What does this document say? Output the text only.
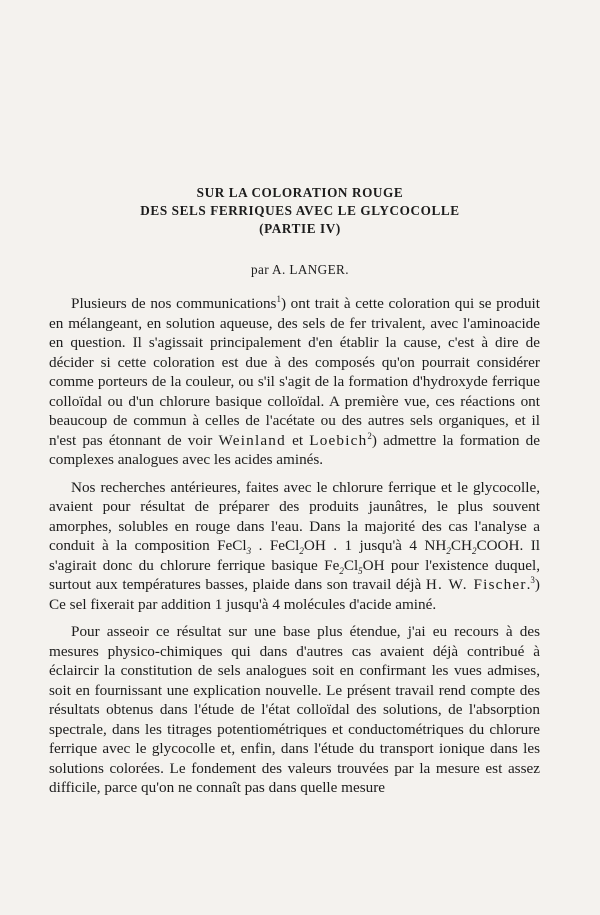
SUR LA COLORATION ROUGE

DES SELS FERRIQUES AVEC LE GLYCOCOLLE

(PARTIE IV)

par A. LANGER.

Plusieurs de nos communications$^1$) ont trait à cette coloration qui se produit en mélangeant, en solution aqueuse, des sels de fer trivalent, avec l'aminoacide en question. Il s'agissait principalement d'en établir la cause, c'est à dire de décider si cette coloration est due à des composés qu'on pourrait considérer comme porteurs de la couleur, ou s'il s'agit de la formation d'hydroxyde ferrique colloïdal ou d'un chlorure basique colloïdal. A première vue, ces réactions ont beaucoup de commun à celles de l'acétate ou des autres sels organiques, et il n'est pas étonnant de voir Weinland et Loebich$^2$) admettre la formation de complexes analogues avec les acides aminés.

Nos recherches antérieures, faites avec le chlorure ferrique et le glycocolle, avaient pour résultat de préparer des produits jaunâtres, le plus souvent amorphes, solubles en rouge dans l'eau. Dans la majorité des cas l'analyse a conduit à la composition FeCl$_3$ . FeCl$_2$OH . 1 jusqu'à 4 $NH_2CH_2COOH$. Il s'agirait donc du chlorure ferrique basique $Fe_2Cl_5OH$ pour l'existence duquel, surtout aux températures basses, plaide dans son travail déjà H. W. Fischer.$^3$) Ce sel fixerait par addition 1 jusqu'à 4 molécules d'acide aminé.

Pour asseoir ce résultat sur une base plus étendue, j'ai eu recours à des mesures physico-chimiques qui dans d'autres cas avaient déjà contribué à éclaircir la constitution de sels analogues soit en confirmant les vues admises, soit en fournissant une explication nouvelle. Le présent travail rend compte des résultats obtenus dans l'étude de l'état colloïdal des solutions, de l'absorption spectrale, dans les titrages potentiométriques et conductométriques du chlorure ferrique avec le glycocolle et, enfin, dans l'étude du transport ionique dans les solutions colorées. Le fondement des valeurs trouvées par la mesure est assez difficile, parce qu'on ne connaît pas dans quelle mesure
